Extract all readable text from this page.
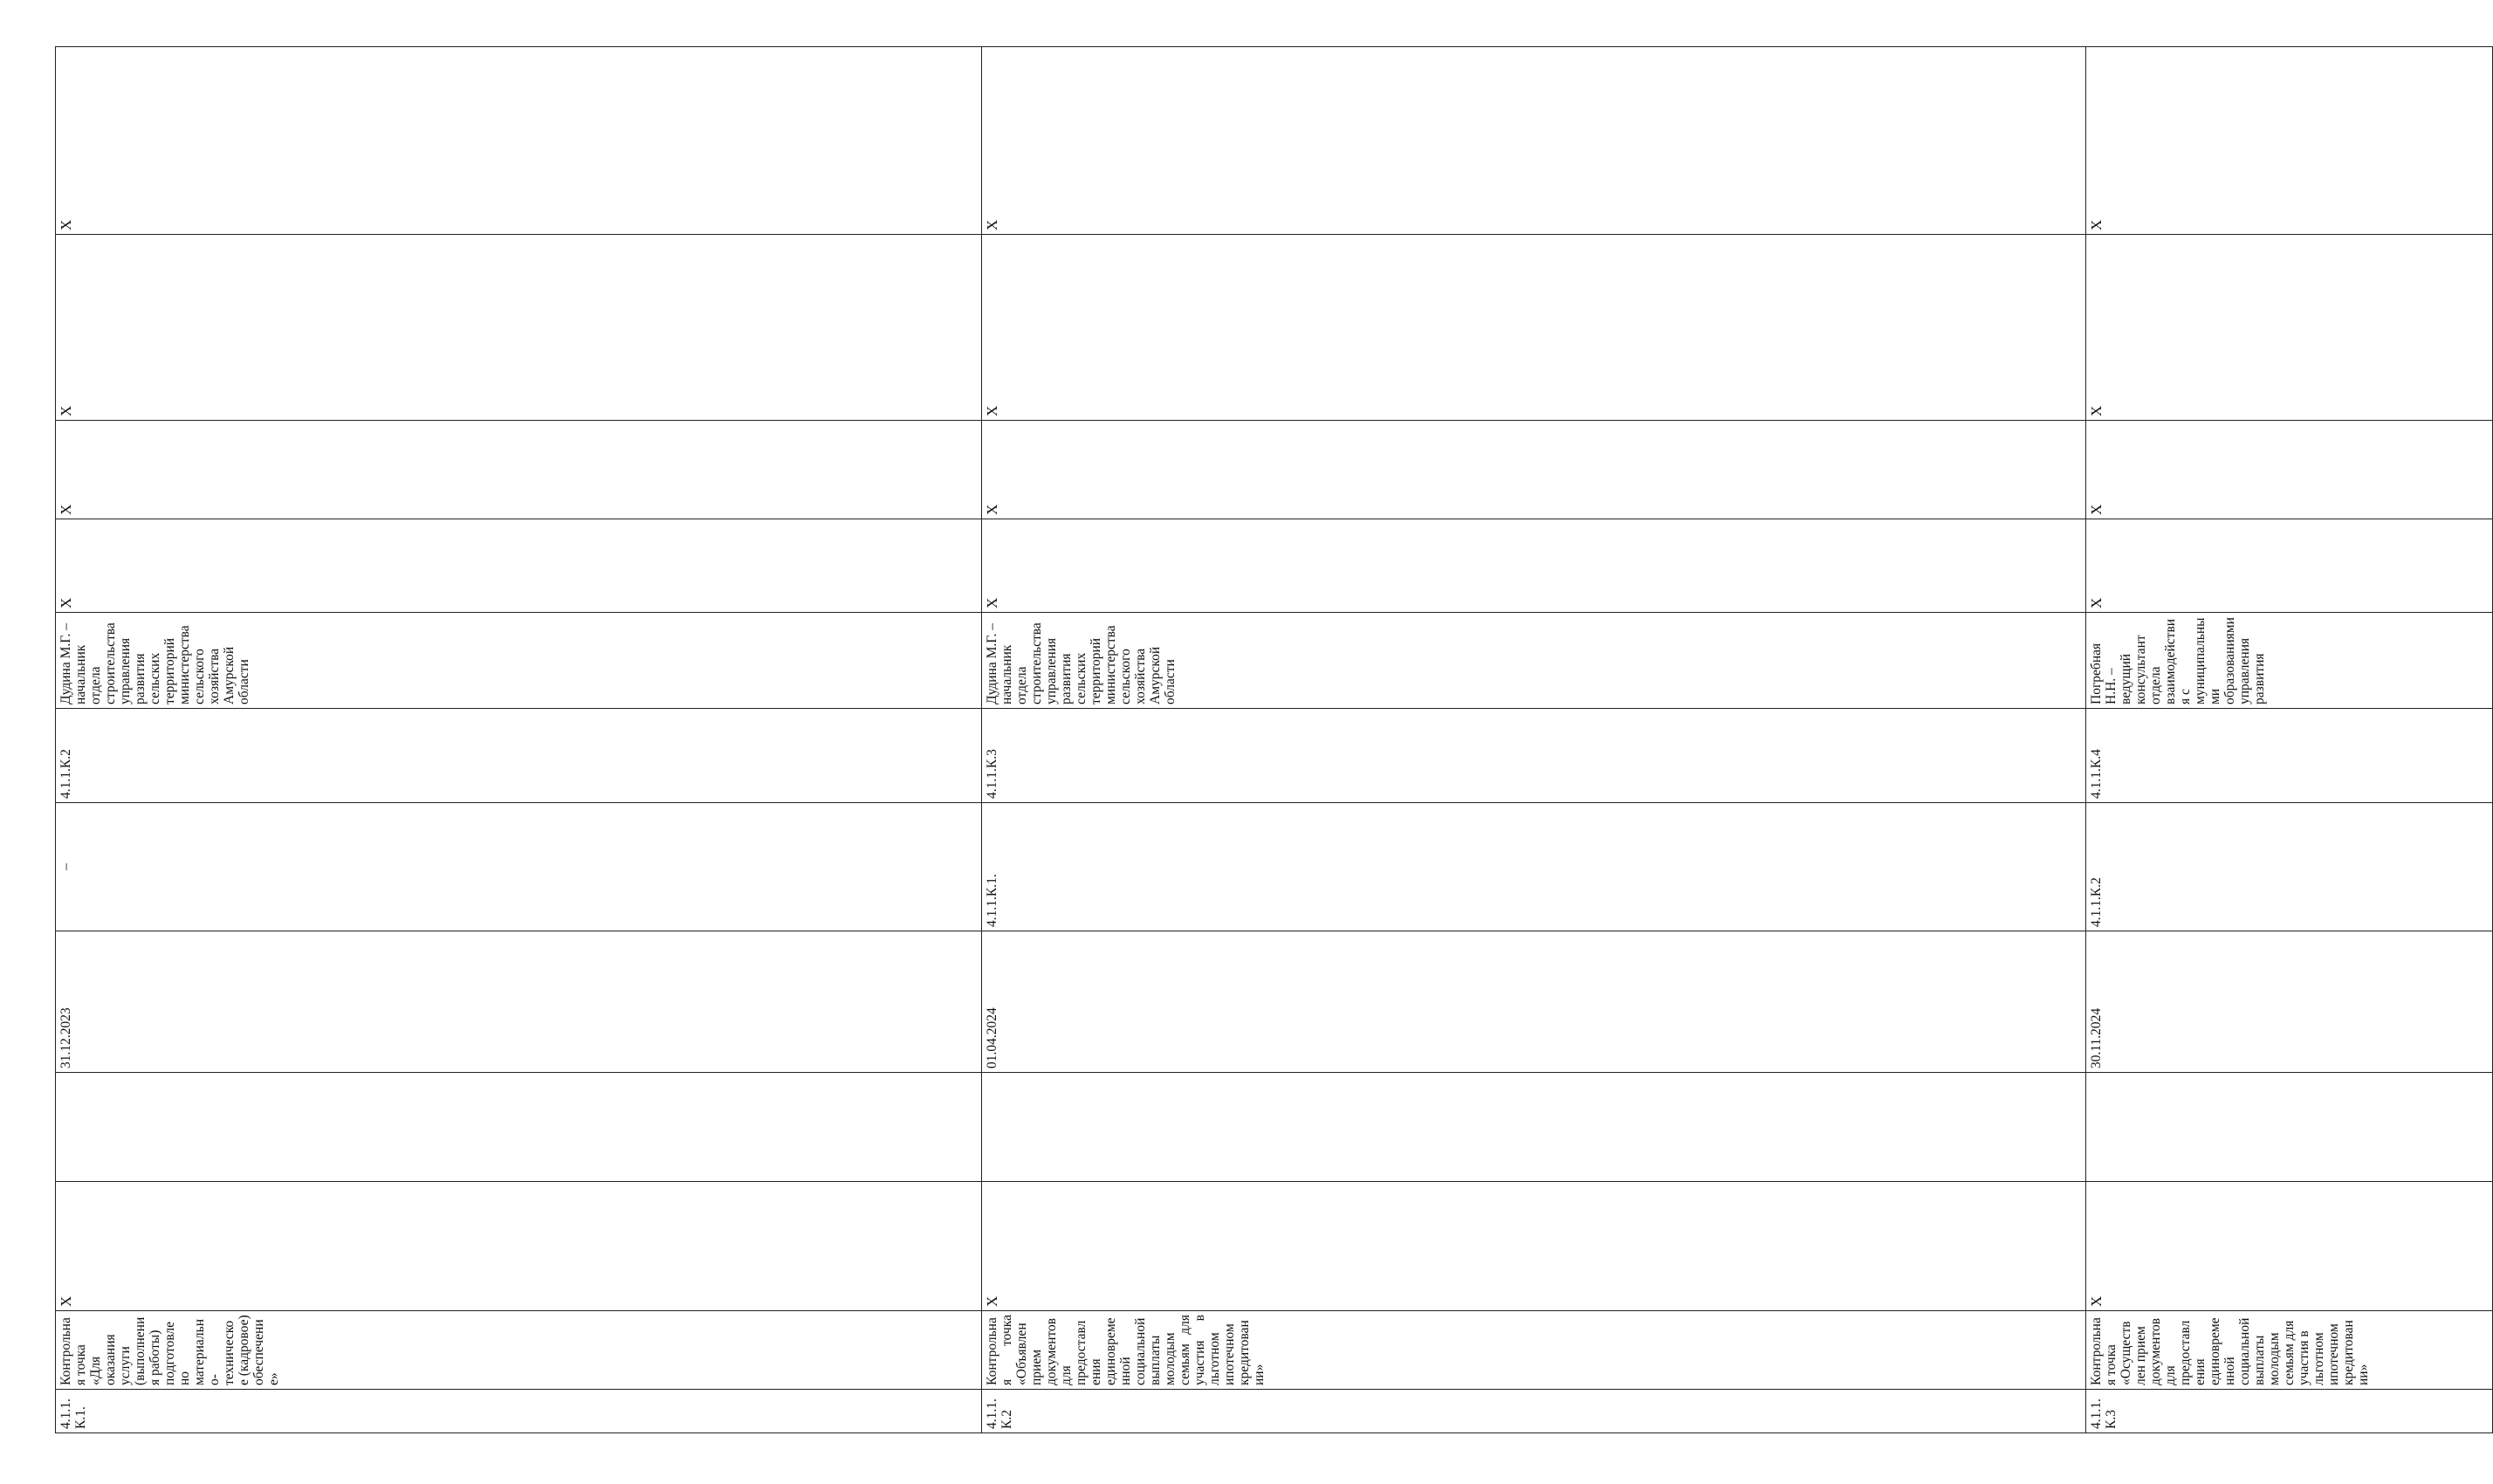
4.1.1.К.1.	Контрольная точка «Для оказания услуги (выполнения работы) подготовлено материально-техническое (кадровое) обеспечение»	Х		31.12.2023	–	4.1.1.К.2	Дудина М.Г. – начальник отдела строительства управления развития сельских территорий министерства сельского хозяйства Амурской области	Х	Х	Х	Х		
4.1.1.К.2	Контрольная точка «Объявлен прием документов для предоставления единовременной социальной выплаты молодым семьям для участия в льготном ипотечном кредитовании»	Х		01.04.2024	4.1.1.К.1.	4.1.1.К.3	Дудина М.Г. – начальник отдела строительства управления развития сельских территорий министерства сельского хозяйства Амурской области	Х	Х	Х	Х		
4.1.1.К.3	Контрольная точка «Осуществлен прием документов для предоставления единовременной социальной выплаты молодым семьям для участия в льготном ипотечном кредитовании»	Х		30.11.2024	4.1.1.К.2	4.1.1.К.4	Погребная Н.Н. – ведущий консультант отдела взаимодействия с муниципальными образованиями управления развития	Х	Х	Х	Х		
